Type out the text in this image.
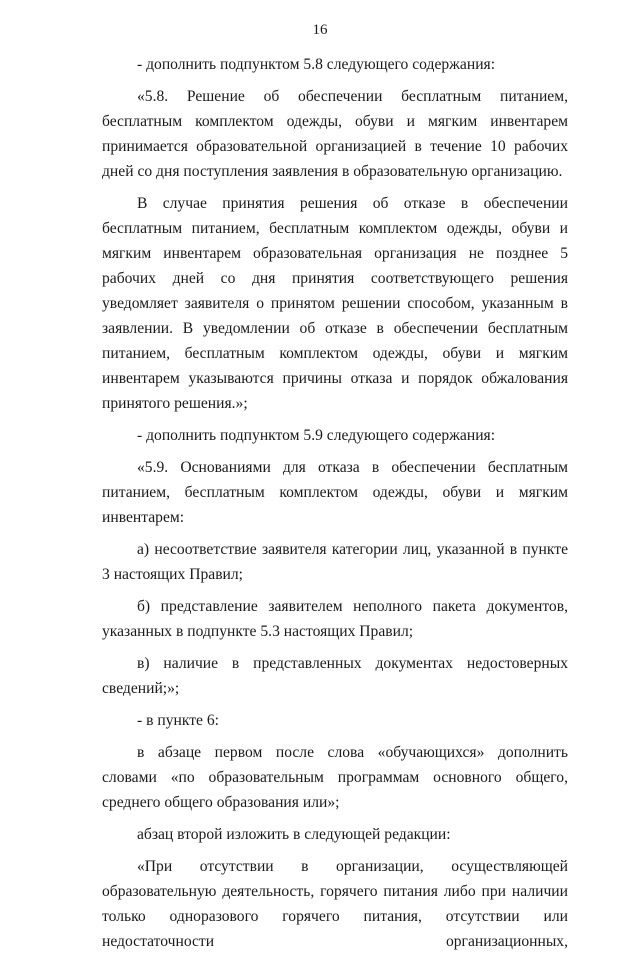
16

- дополнить подпунктом 5.8 следующего содержания:

«5.8. Решение об обеспечении бесплатным питанием, бесплатным комплектом одежды, обуви и мягким инвентарем принимается образовательной организацией в течение 10 рабочих дней со дня поступления заявления в образовательную организацию.

В случае принятия решения об отказе в обеспечении бесплатным питанием, бесплатным комплектом одежды, обуви и мягким инвентарем образовательная организация не позднее 5 рабочих дней со дня принятия соответствующего решения уведомляет заявителя о принятом решении способом, указанным в заявлении. В уведомлении об отказе в обеспечении бесплатным питанием, бесплатным комплектом одежды, обуви и мягким инвентарем указываются причины отказа и порядок обжалования принятого решения.»;

- дополнить подпунктом 5.9 следующего содержания:

«5.9. Основаниями для отказа в обеспечении бесплатным питанием, бесплатным комплектом одежды, обуви и мягким инвентарем:

а) несоответствие заявителя категории лиц, указанной в пункте 3 настоящих Правил;

б) представление заявителем неполного пакета документов, указанных в подпункте 5.3 настоящих Правил;

в) наличие в представленных документах недостоверных сведений;»;

- в пункте 6:

в абзаце первом после слова «обучающихся» дополнить словами «по образовательным программам основного общего, среднего общего образования или»;

абзац второй изложить в следующей редакции:

«При отсутствии в организации, осуществляющей образовательную деятельность, горячего питания либо при наличии только одноразового горячего питания, отсутствии или недостаточности организационных,
